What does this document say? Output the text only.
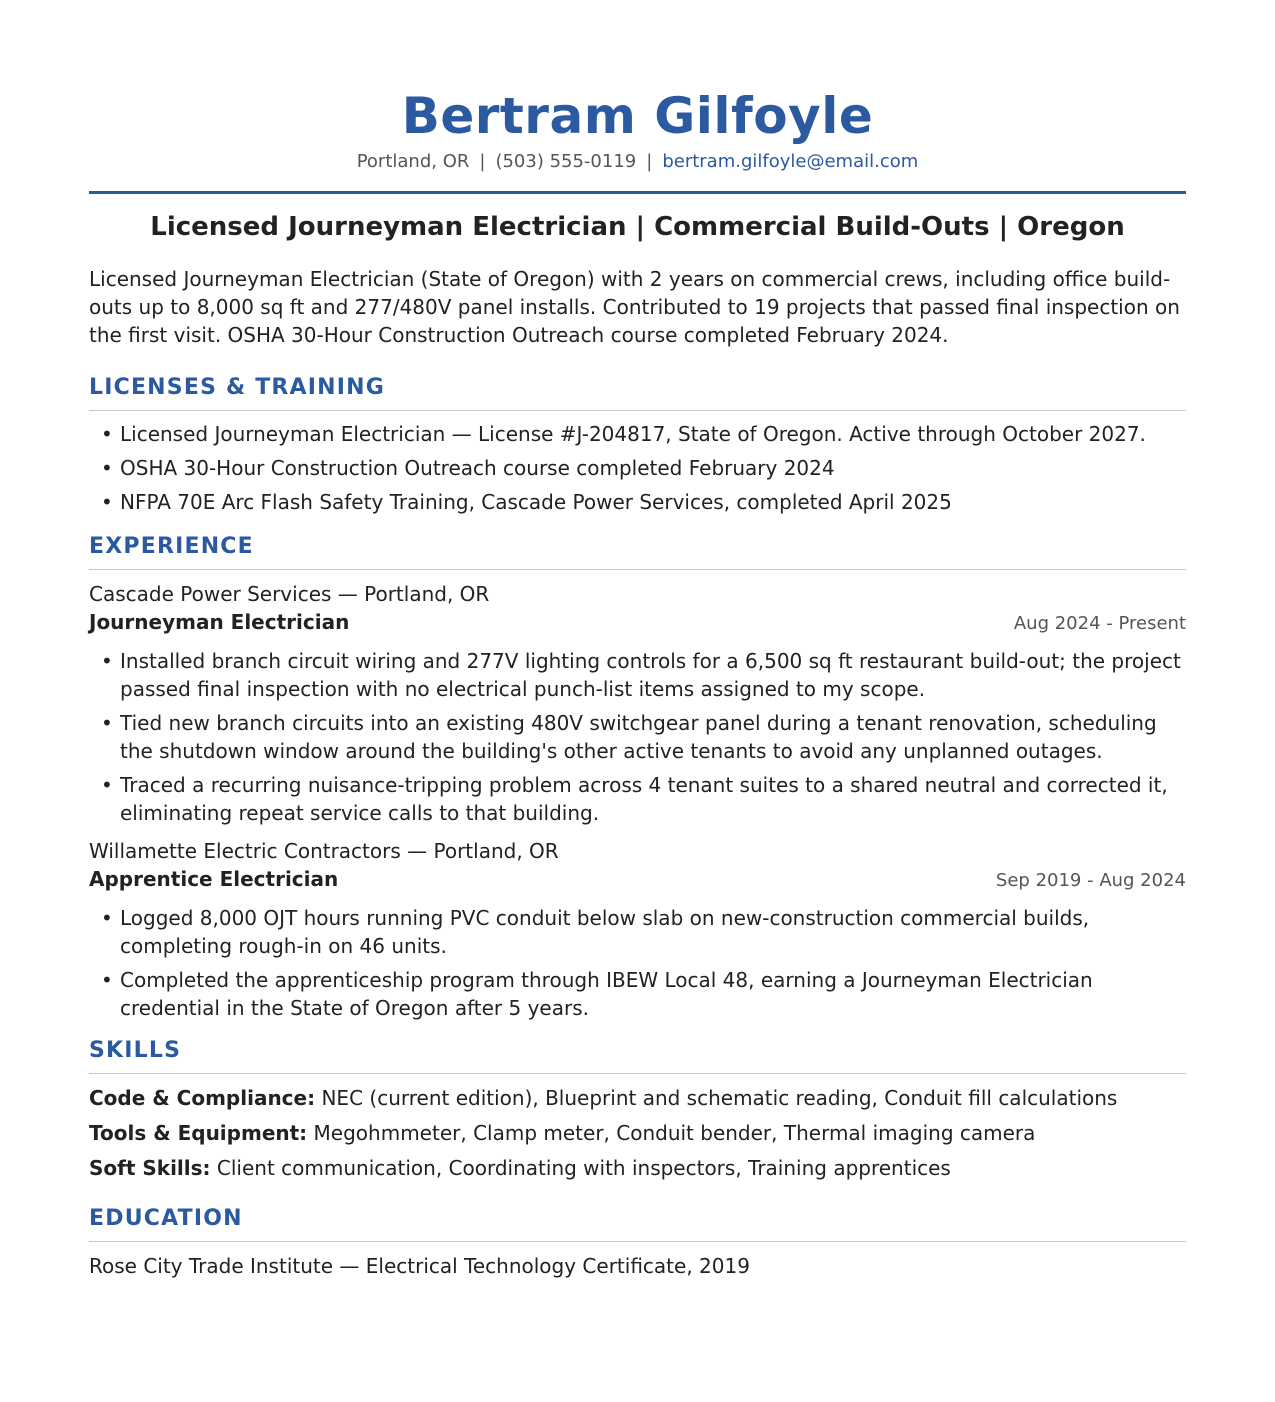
Bertram Gilfoyle
Portland, OR | (503) 555-0119 | bertram.gilfoyle@email.com
Licensed Journeyman Electrician | Commercial Build-Outs | Oregon
Licensed Journeyman Electrician (State of Oregon) with 2 years on commercial crews, including office build-outs up to 8,000 sq ft and 277/480V panel installs. Contributed to 19 projects that passed final inspection on the first visit. OSHA 30-Hour Construction Outreach course completed February 2024.
LICENSES & TRAINING
• Licensed Journeyman Electrician — License #J-204817, State of Oregon. Active through October 2027.
• OSHA 30-Hour Construction Outreach course completed February 2024
• NFPA 70E Arc Flash Safety Training, Cascade Power Services, completed April 2025
EXPERIENCE
Cascade Power Services — Portland, OR
Journeyman Electrician	Aug 2024 - Present
• Installed branch circuit wiring and 277V lighting controls for a 6,500 sq ft restaurant build-out; the project passed final inspection with no electrical punch-list items assigned to my scope.
• Tied new branch circuits into an existing 480V switchgear panel during a tenant renovation, scheduling the shutdown window around the building's other active tenants to avoid any unplanned outages.
• Traced a recurring nuisance-tripping problem across 4 tenant suites to a shared neutral and corrected it, eliminating repeat service calls to that building.
Willamette Electric Contractors — Portland, OR
Apprentice Electrician	Sep 2019 - Aug 2024
• Logged 8,000 OJT hours running PVC conduit below slab on new-construction commercial builds, completing rough-in on 46 units.
• Completed the apprenticeship program through IBEW Local 48, earning a Journeyman Electrician credential in the State of Oregon after 5 years.
SKILLS
Code & Compliance: NEC (current edition), Blueprint and schematic reading, Conduit fill calculations
Tools & Equipment: Megohmmeter, Clamp meter, Conduit bender, Thermal imaging camera
Soft Skills: Client communication, Coordinating with inspectors, Training apprentices
EDUCATION
Rose City Trade Institute — Electrical Technology Certificate, 2019
